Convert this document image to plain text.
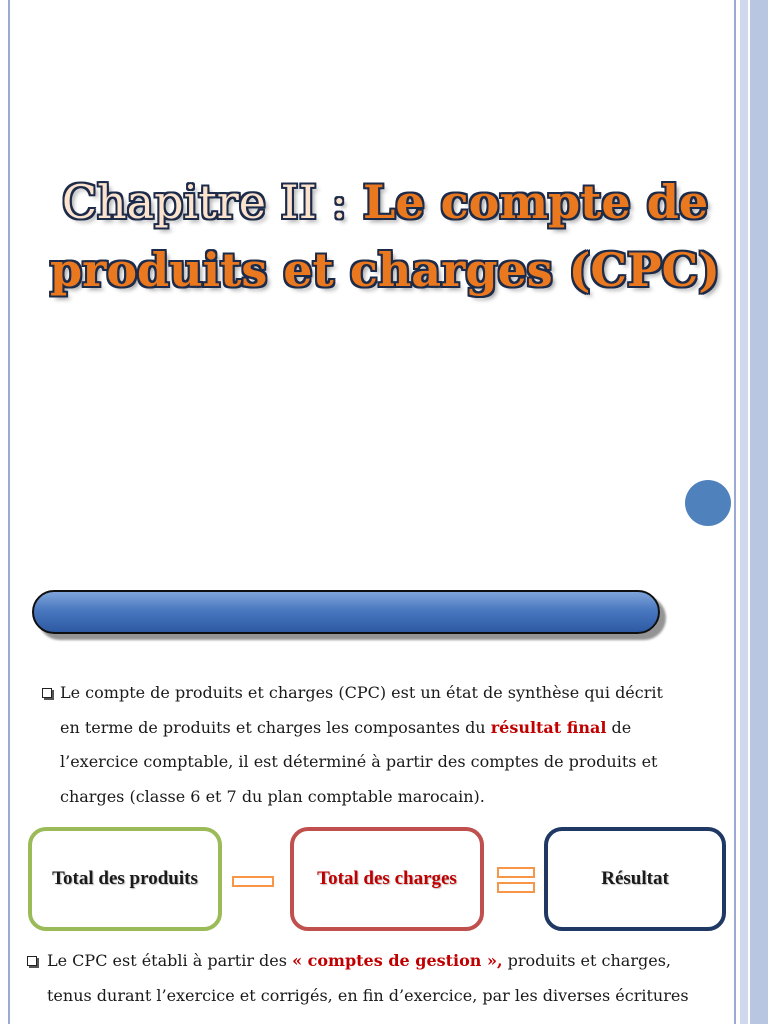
Chapitre II : Le compte de produits et charges (CPC)

Le compte de produits et charges (CPC) est un état de synthèse qui décrit en terme de produits et charges les composantes du résultat final de l’exercice comptable, il est déterminé à partir des comptes de produits et charges (classe 6 et 7 du plan comptable marocain).

Total des produits	Total des charges	Résultat

Le CPC est établi à partir des « comptes de gestion », produits et charges, tenus durant l’exercice et corrigés, en fin d’exercice, par les diverses écritures
